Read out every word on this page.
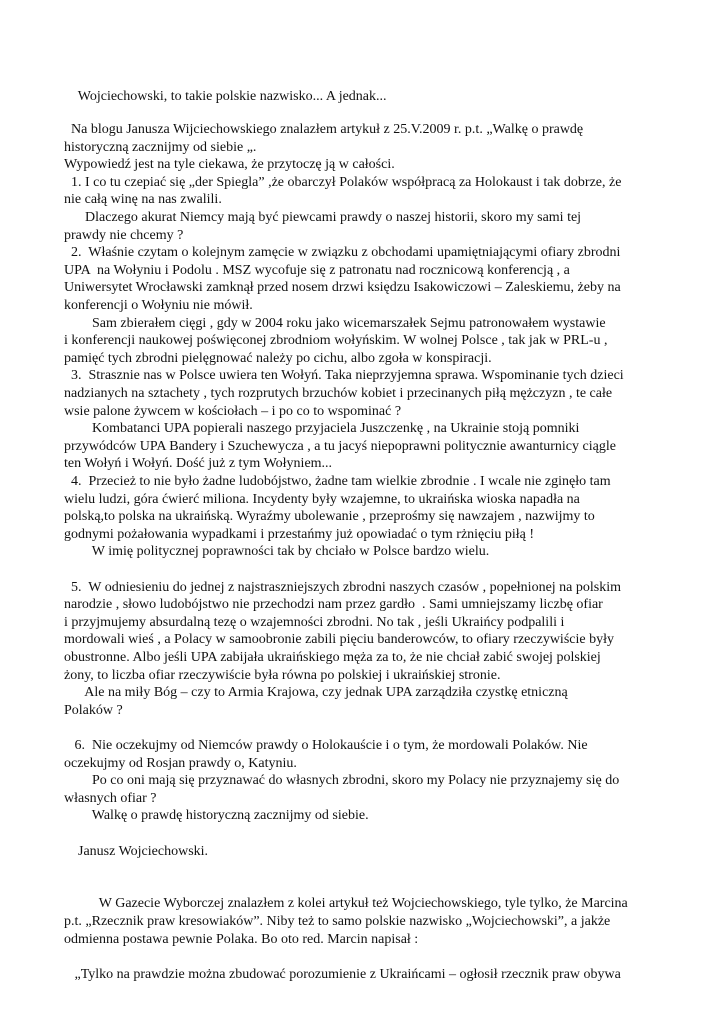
Wojciechowski, to takie polskie nazwisko... A jednak...
Na blogu Janusza Wijciechowskiego znalazłem artykuł z 25.V.2009 r. p.t. „Walkę o prawdę
historyczną zacznijmy od siebie „.
Wypowiedź jest na tyle ciekawa, że przytoczę ją w całości.
1. I co tu czepiać się „der Spiegla” ,że obarczył Polaków współpracą za Holokaust i tak dobrze, że
nie całą winę na nas zwalili.
Dlaczego akurat Niemcy mają być piewcami prawdy o naszej historii, skoro my sami tej
prawdy nie chcemy ?
2.  Właśnie czytam o kolejnym zamęcie w związku z obchodami upamiętniającymi ofiary zbrodni
UPA  na Wołyniu i Podolu . MSZ wycofuje się z patronatu nad rocznicową konferencją , a
Uniwersytet Wrocławski zamknął przed nosem drzwi księdzu Isakowiczowi – Zaleskiemu, żeby na
konferencji o Wołyniu nie mówił.
Sam zbierałem cięgi , gdy w 2004 roku jako wicemarszałek Sejmu patronowałem wystawie
i konferencji naukowej poświęconej zbrodniom wołyńskim. W wolnej Polsce , tak jak w PRL-u ,
pamięć tych zbrodni pielęgnować należy po cichu, albo zgoła w konspiracji.
3.  Strasznie nas w Polsce uwiera ten Wołyń. Taka nieprzyjemna sprawa. Wspominanie tych dzieci
nadzianych na sztachety , tych rozprutych brzuchów kobiet i przecinanych piłą mężczyzn , te całe
wsie palone żywcem w kościołach – i po co to wspominać ?
Kombatanci UPA popierali naszego przyjaciela Juszczenkę , na Ukrainie stoją pomniki
przywódców UPA Bandery i Szuchewycza , a tu jacyś niepoprawni politycznie awanturnicy ciągle
ten Wołyń i Wołyń. Dość już z tym Wołyniem...
4.  Przecież to nie było żadne ludobójstwo, żadne tam wielkie zbrodnie . I wcale nie zginęło tam
wielu ludzi, góra ćwierć miliona. Incydenty były wzajemne, to ukraińska wioska napadła na
polską,to polska na ukraińską. Wyraźmy ubolewanie , przeprośmy się nawzajem , nazwijmy to
godnymi pożałowania wypadkami i przestańmy już opowiadać o tym rżnięciu piłą !
W imię politycznej poprawności tak by chciało w Polsce bardzo wielu.
5.  W odniesieniu do jednej z najstraszniejszych zbrodni naszych czasów , popełnionej na polskim
narodzie , słowo ludobójstwo nie przechodzi nam przez gardło  . Sami umniejszamy liczbę ofiar
i przyjmujemy absurdalną tezę o wzajemności zbrodni. No tak , jeśli Ukraińcy podpalili i
mordowali wieś , a Polacy w samoobronie zabili pięciu banderowców, to ofiary rzeczywiście były
obustronne. Albo jeśli UPA zabijała ukraińskiego męża za to, że nie chciał zabić swojej polskiej
żony, to liczba ofiar rzeczywiście była równa po polskiej i ukraińskiej stronie.
Ale na miły Bóg – czy to Armia Krajowa, czy jednak UPA zarządziła czystkę etniczną
Polaków ?
6.  Nie oczekujmy od Niemców prawdy o Holokauście i o tym, że mordowali Polaków. Nie
oczekujmy od Rosjan prawdy o, Katyniu.
Po co oni mają się przyznawać do własnych zbrodni, skoro my Polacy nie przyznajemy się do
własnych ofiar ?
Walkę o prawdę historyczną zacznijmy od siebie.
Janusz Wojciechowski.
W Gazecie Wyborczej znalazłem z kolei artykuł też Wojciechowskiego, tyle tylko, że Marcina
p.t. „Rzecznik praw kresowiaków”. Niby też to samo polskie nazwisko „Wojciechowski”, a jakże
odmienna postawa pewnie Polaka. Bo oto red. Marcin napisał :
„Tylko na prawdzie można zbudować porozumienie z Ukraińcami – ogłosił rzecznik praw obywa
